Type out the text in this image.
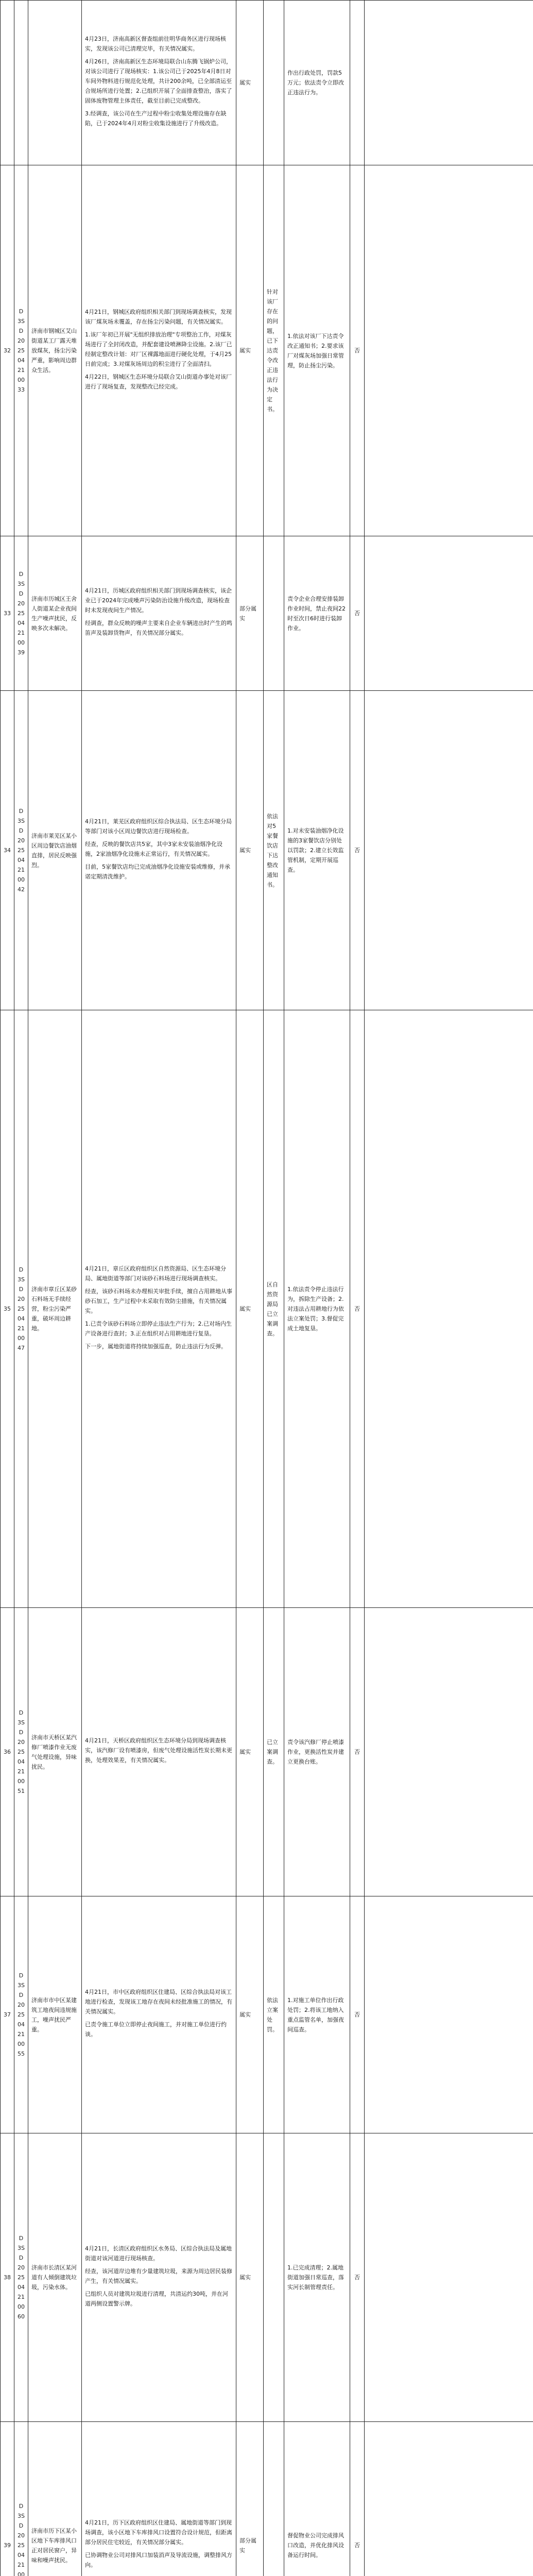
			4月23日，济南高新区督查组前往明华商务区进行现场核实，发现该公司已清理完毕，有关情况属实。

4月26日，济南高新区生态环境局联合山东腾飞锅炉公司，对该公司进行了现场核实：1.该公司已于2025年4月8日对车间外物料进行规范化处理，共计200余吨，已全部清运至合规场所进行处置；2.已组织开展了全面排查整治，落实了固体废物管理主体责任，截至目前已完成整改。

3.经调查，该公司在生产过程中粉尘收集处理设施存在缺陷，已于2024年4月对粉尘收集设施进行了升级改造。	属实		作出行政处罚，罚款5万元；依法责令立即改正违法行为。		
32	D3SD202504210033	济南市钢城区艾山街道某工厂露天堆放煤灰，扬尘污染严重，影响周边群众生活。	4月21日，钢城区政府组织相关部门到现场调查核实，发现该厂煤灰场未覆盖，存在扬尘污染问题，有关情况属实。

1.该厂年初已开展"无组织排放治理"专项整治工作，对煤灰场进行了全封闭改造，并配套建设喷淋降尘设施。2.该厂已经制定整改计划：对厂区裸露地面进行硬化处理，于4月25日前完成；3.对煤灰场周边的积尘进行了全面清扫。

4月22日，钢城区生态环境分局联合艾山街道办事处对该厂进行了现场复查，发现整改已经完成。	属实	针对该厂存在的问题，已下达责令改正违法行为决定书。	1.依法对该厂下达责令改正通知书；2.要求该厂对煤灰场加强日常管理，防止扬尘污染。	否	
33	D3SD202504210039	济南市历城区王舍人街道某企业夜间生产噪声扰民，反映多次未解决。	4月21日，历城区政府组织相关部门到现场调查核实，该企业已于2024年完成噪声污染防治设施升级改造，现场检查时未发现夜间生产情况。

经调查，群众反映的噪声主要来自企业车辆进出时产生的鸣笛声及装卸货物声，有关情况部分属实。	部分属实		责令企业合理安排装卸作业时间，禁止夜间22时至次日6时进行装卸作业。	否	
34	D3SD202504210042	济南市莱芜区某小区周边餐饮店油烟直排，居民反映强烈。	4月21日，莱芜区政府组织区综合执法局、区生态环境分局等部门对该小区周边餐饮店进行现场检查。

经查，反映的餐饮店共5家，其中3家未安装油烟净化设施，2家油烟净化设施未正常运行，有关情况属实。

目前，5家餐饮店均已完成油烟净化设施安装或维修，并承诺定期清洗维护。	属实	依法对5家餐饮店下达整改通知书。	1.对未安装油烟净化设施的3家餐饮店分别处以罚款；2.建立长效监管机制，定期开展巡查。	否	
35	D3SD202504210047	济南市章丘区某砂石料场无手续经营，粉尘污染严重，破坏周边耕地。	4月21日，章丘区政府组织区自然资源局、区生态环境分局、属地街道等部门对该砂石料场进行现场调查核实。

经查，该砂石料场未办理相关审批手续，擅自占用耕地从事砂石加工，生产过程中未采取有效防尘措施，有关情况属实。

1.已责令该砂石料场立即停止违法生产行为；2.已对场内生产设备进行查封；3.正在组织对占用耕地进行复垦。

下一步，属地街道将持续加强巡查，防止违法行为反弹。	属实	区自然资源局已立案调查。	1.依法责令停止违法行为，拆除生产设备；2.对违法占用耕地行为依法立案处罚；3.督促完成土地复垦。	否	
36	D3SD202504210051	济南市天桥区某汽修厂喷漆作业无废气处理设施，异味扰民。	4月21日，天桥区政府组织区生态环境分局到现场调查核实，该汽修厂设有喷漆房，但废气处理设施活性炭长期未更换，处理效果差，有关情况属实。	属实	已立案调查。	责令该汽修厂停止喷漆作业，更换活性炭并建立更换台账。	否	
37	D3SD202504210055	济南市市中区某建筑工地夜间违规施工，噪声扰民严重。	4月21日，市中区政府组织区住建局、区综合执法局对该工地进行检查，发现该工地存在夜间未经批准施工的情况，有关情况属实。

已责令施工单位立即停止夜间施工，并对施工单位进行约谈。	属实	依法立案处罚。	1.对施工单位作出行政处罚；2.将该工地纳入重点监管名单，加强夜间巡查。	否	
38	D3SD202504210060	济南市长清区某河道有人倾倒建筑垃圾，污染水体。	4月21日，长清区政府组织区水务局、区综合执法局及属地街道对该河道进行现场核查。

经查，该河道岸边堆有少量建筑垃圾，来源为周边居民装修产生，有关情况属实。

已组织人员对建筑垃圾进行清理，共清运约30吨，并在河道两侧设置警示牌。	属实		1.已完成清理；2.属地街道加强日常巡查，落实河长制管理责任。	否	
39	D3SD2025042100	济南市历下区某小区地下车库排风口正对居民窗户，异味和噪声扰民。	4月21日，历下区政府组织区住建局、属地街道等部门到现场调查，该小区地下车库排风口设置符合设计规范，但距离部分居民住宅较近，有关情况部分属实。

已协调物业公司对排风口加装消声及导流设施，调整排风方向。	部分属实		督促物业公司完成排风口改造，并优化排风设备运行时间。	否	
